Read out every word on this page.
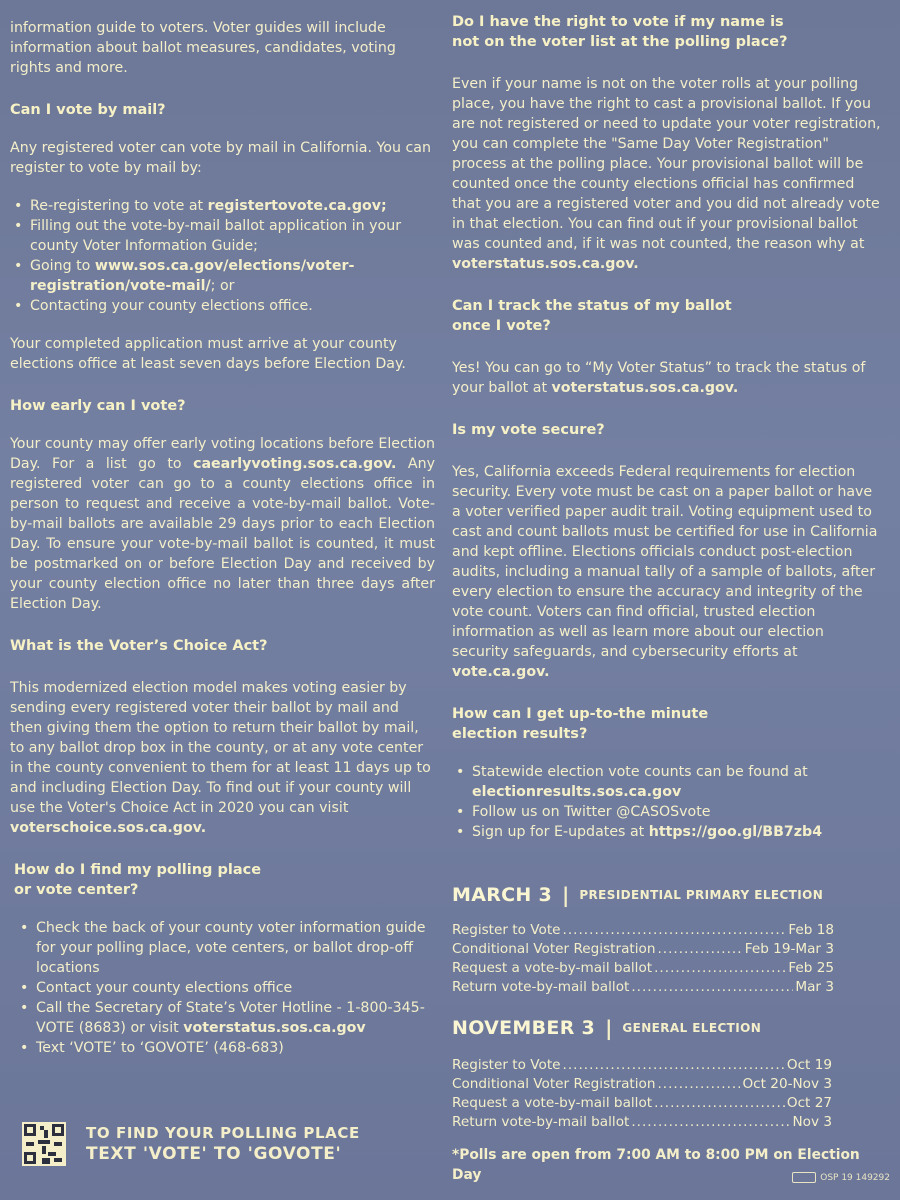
information guide to voters. Voter guides will include information about ballot measures, candidates, voting rights and more.

Can I vote by mail?

Any registered voter can vote by mail in California. You can register to vote by mail by:

• Re-registering to vote at registertovote.ca.gov;
• Filling out the vote-by-mail ballot application in your county Voter Information Guide;
• Going to www.sos.ca.gov/elections/voter-registration/vote-mail/; or
• Contacting your county elections office.

Your completed application must arrive at your county elections office at least seven days before Election Day.

How early can I vote?

Your county may offer early voting locations before Election Day. For a list go to caearlyvoting.sos.ca.gov. Any registered voter can go to a county elections office in person to request and receive a vote-by-mail ballot. Vote-by-mail ballots are available 29 days prior to each Election Day. To ensure your vote-by-mail ballot is counted, it must be postmarked on or before Election Day and received by your county election office no later than three days after Election Day.

What is the Voter’s Choice Act?

This modernized election model makes voting easier by sending every registered voter their ballot by mail and then giving them the option to return their ballot by mail, to any ballot drop box in the county, or at any vote center in the county convenient to them for at least 11 days up to and including Election Day. To find out if your county will use the Voter's Choice Act in 2020 you can visit voterschoice.sos.ca.gov.

How do I find my polling place
or vote center?
• Check the back of your county voter information guide for your polling place, vote centers, or ballot drop-off locations
• Contact your county elections office
• Call the Secretary of State’s Voter Hotline - 1-800-345- VOTE (8683) or visit voterstatus.sos.ca.gov
• Text ‘VOTE’ to ‘GOVOTE’ (468-683)
TO FIND YOUR POLLING PLACE
TEXT 'VOTE' TO 'GOVOTE'
Do I have the right to vote if my name is
not on the voter list at the polling place?

Even if your name is not on the voter rolls at your polling place, you have the right to cast a provisional ballot. If you are not registered or need to update your voter registration, you can complete the "Same Day Voter Registration" process at the polling place. Your provisional ballot will be counted once the county elections official has confirmed that you are a registered voter and you did not already vote in that election. You can find out if your provisional ballot was counted and, if it was not counted, the reason why at voterstatus.sos.ca.gov.

Can I track the status of my ballot
once I vote?

Yes! You can go to “My Voter Status” to track the status of your ballot at voterstatus.sos.ca.gov.

Is my vote secure?

Yes, California exceeds Federal requirements for election security. Every vote must be cast on a paper ballot or have a voter verified paper audit trail. Voting equipment used to cast and count ballots must be certified for use in California and kept offline. Elections officials conduct post-election audits, including a manual tally of a sample of ballots, after every election to ensure the accuracy and integrity of the vote count. Voters can find official, trusted election information as well as learn more about our election security safeguards, and cybersecurity efforts at vote.ca.gov.

How can I get up-to-the minute
election results?
• Statewide election vote counts can be found at electionresults.sos.ca.gov
• Follow us on Twitter @CASOSvote
• Sign up for E-updates at https://goo.gl/BB7zb4
MARCH 3 | PRESIDENTIAL PRIMARY ELECTION
Register to Vote .....	Feb 18
Conditional Voter Registration .....	Feb 19-Mar 3
Request a vote-by-mail ballot .....	Feb 25
Return vote-by-mail ballot .....	Mar 3
NOVEMBER 3 | GENERAL ELECTION
Register to Vote .....	Oct 19
Conditional Voter Registration .....	Oct 20-Nov 3
Request a vote-by-mail ballot .....	Oct 27
Return vote-by-mail ballot .....	Nov 3

*Polls are open from 7:00 AM to 8:00 PM on Election Day	OSP 19 149292
